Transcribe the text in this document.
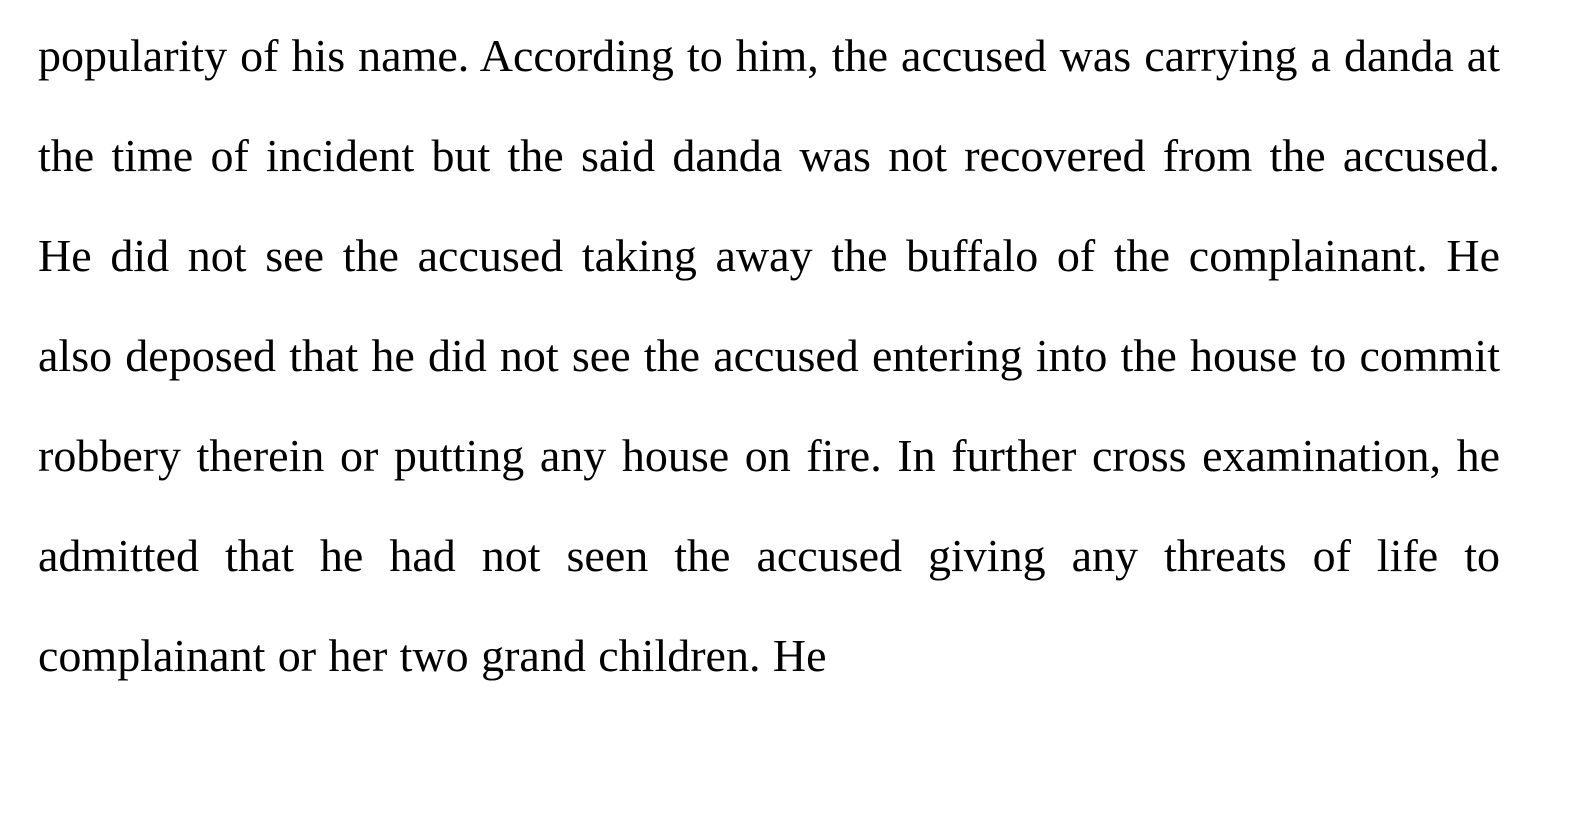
popularity of his name. According to him, the accused was carrying a danda at the time of incident but the said danda was not recovered from the accused. He did not see the accused taking away the buffalo of the complainant. He also deposed that he did not see the accused entering into the house to commit robbery therein or putting any house on fire. In further cross examination, he admitted that he had not seen the accused giving any threats of life to complainant or her two grand children. He
